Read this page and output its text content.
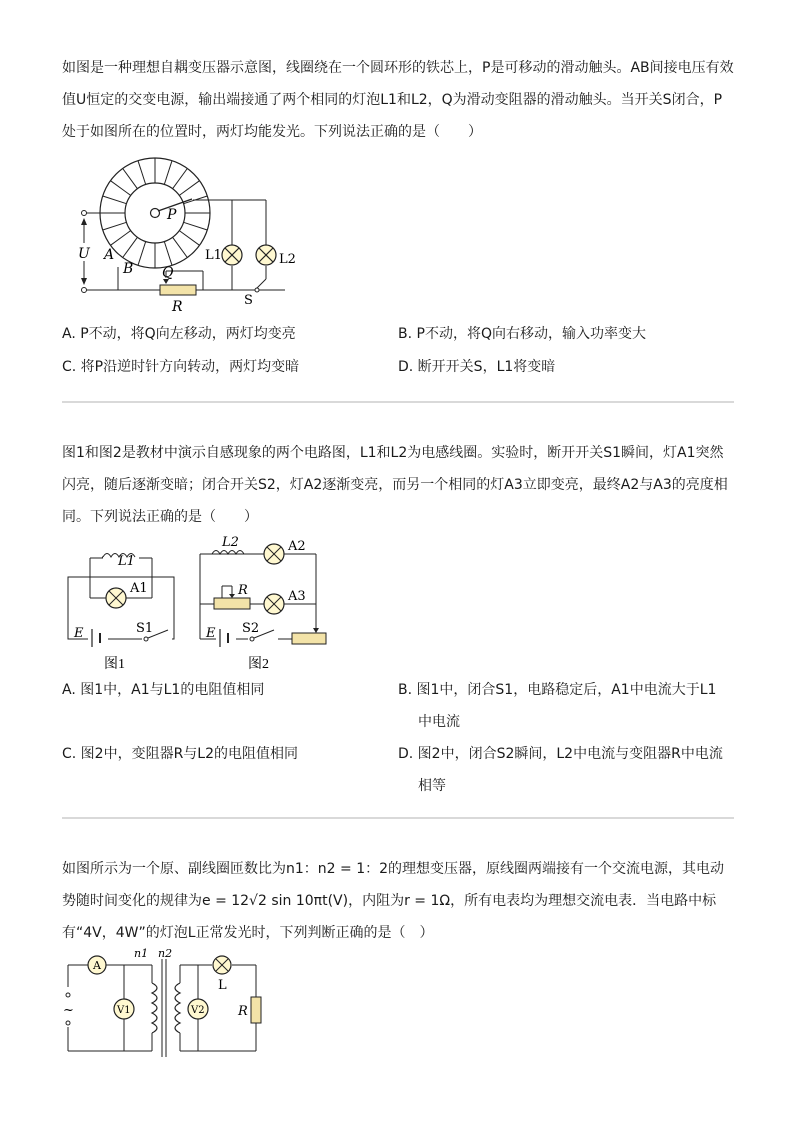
如图是一种理想自耦变压器示意图，线圈绕在一个圆环形的铁芯上，P是可移动的滑动触头。AB间接电压有效值U恒定的交变电源，输出端接通了两个相同的灯泡L1和L2，Q为滑动变阻器的滑动触头。当开关S闭合，P处于如图所在的位置时，两灯均能发光。下列说法正确的是（　　）

P
U A
B Q
R	S
L1	L2
A. P不动，将Q向左移动，两灯均变亮	B. P不动，将Q向右移动，输入功率变大
C. 将P沿逆时针方向转动，两灯均变暗	D. 断开开关S，L1将变暗

图1和图2是教材中演示自感现象的两个电路图，L1和L2为电感线圈。实验时，断开开关S1瞬间，灯A1突然闪亮，随后逐渐变暗；闭合开关S2，灯A2逐渐变亮，而另一个相同的灯A3立即变亮，最终A2与A3的亮度相同。下列说法正确的是（　　）

L1
A1
E	S1
图1
L2	A2
A3
R
E S2
图2
A. 图1中，A1与L1的电阻值相同	B. 图1中，闭合S1，电路稳定后，A1中电流大于L1
中电流
C. 图2中，变阻器R与L2的电阻值相同	D. 图2中，闭合S2瞬间，L2中电流与变阻器R中电流
相等

如图所示为一个原、副线圈匝数比为n1：n2 = 1：2的理想变压器，原线圈两端接有一个交流电源，其电动势随时间变化的规律为e = 12√2 sin 10πt(V)，内阻为r = 1Ω，所有电表均为理想交流电表．当电路中标有“4V，4W”的灯泡L正常发光时，下列判断正确的是（　）

~
A
V1	V2
L
R
n1 n2
